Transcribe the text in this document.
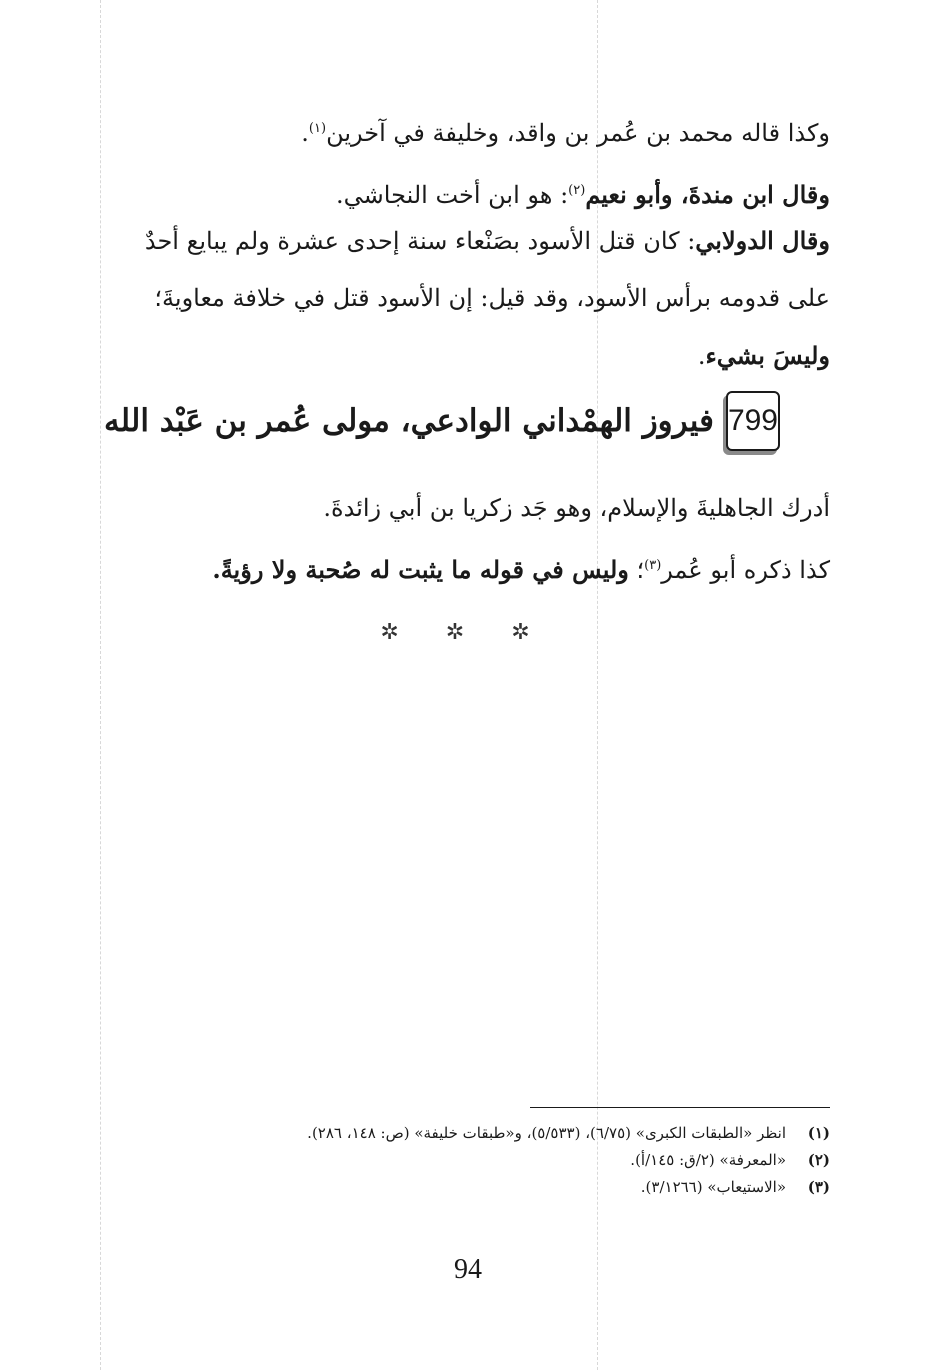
وكذا قاله محمد بن عُمر بن واقد، وخليفة في آخرين$^{(١)}$.
وقال ابن مندةَ، وأبو نعيم$^{(٢)}$: هو ابن أخت النجاشي.
وقال الدولابي: كان قتل الأسود بصَنْعاء سنة إحدى عشرة ولم يبايع أحدٌ
على قدومه برأس الأسود، وقد قيل: إن الأسود قتل في خلافة معاويةَ؛
وليسَ بشيء.
799
فيروز الهمْداني الوادعي، مولى عُمر بن عَبْد الله
أدرك الجاهليةَ والإسلام، وهو جَد زكريا بن أبي زائدةَ.
كذا ذكره أبو عُمر$^{(٣)}$؛ وليس في قوله ما يثبت له صُحبة ولا رؤيةً.
✲ ✲ ✲
(١)انظر «الطبقات الكبرى» (٦/٧٥)، (٥/٥٣٣)، و«طبقات خليفة» (ص: ١٤٨، ٢٨٦).
(٢)«المعرفة» (٢/ق: ١٤٥/أ).
(٣)«الاستيعاب» (٣/١٢٦٦).
94
